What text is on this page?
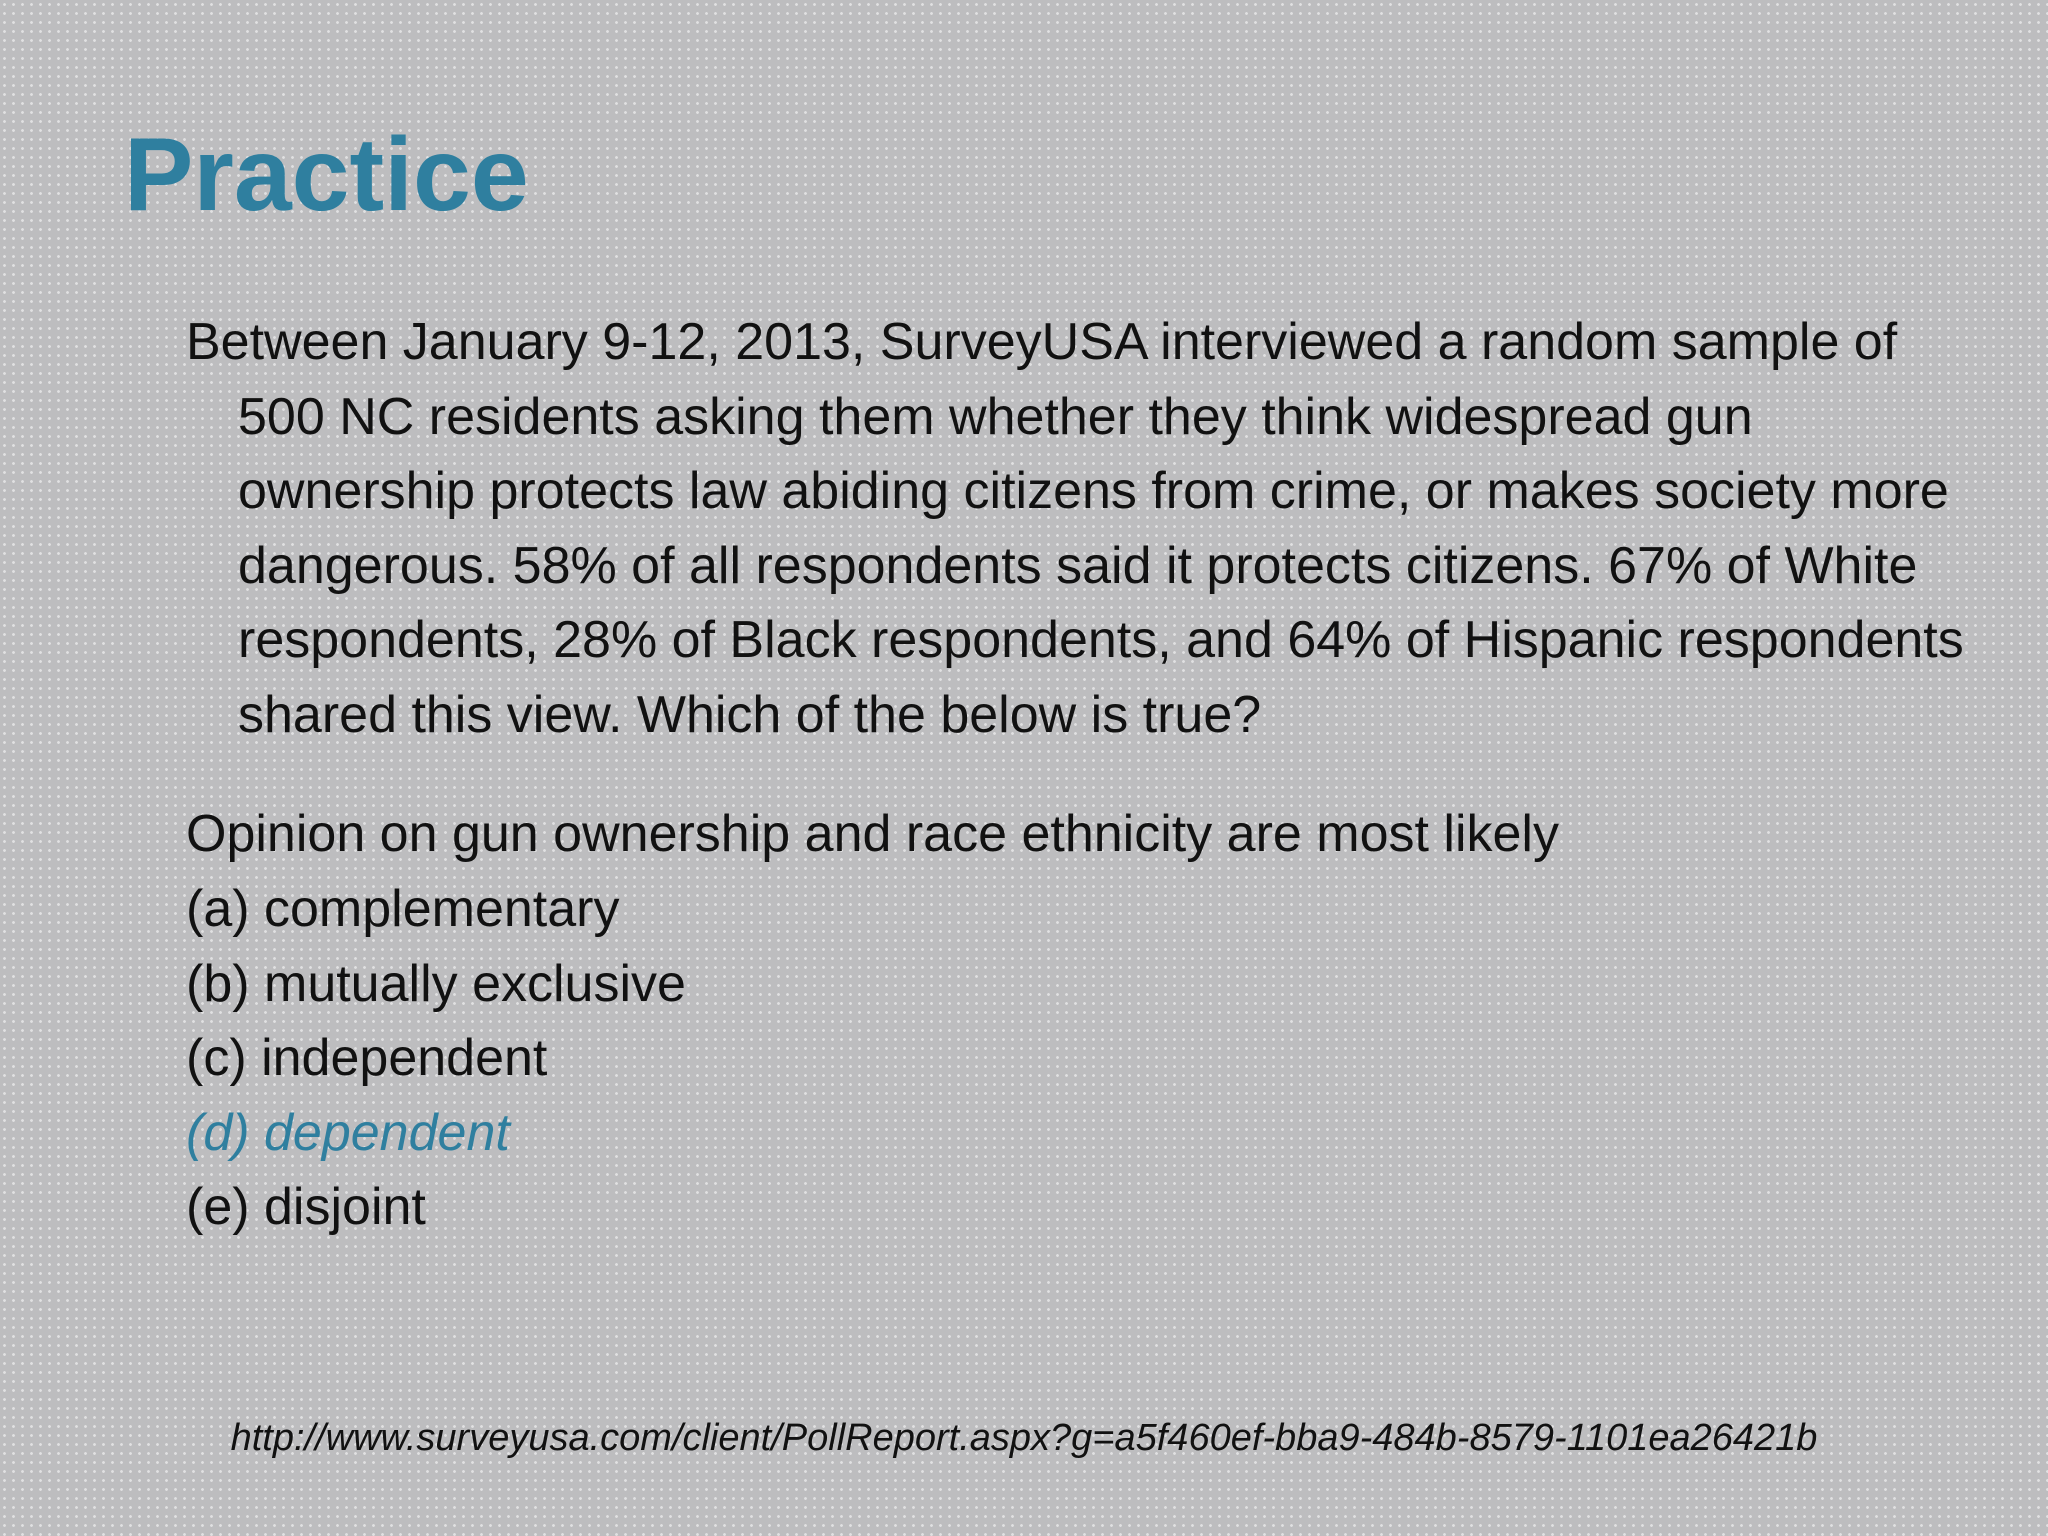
Practice

Between January 9-12, 2013, SurveyUSA interviewed a random sample of 500 NC residents asking them whether they think widespread gun ownership protects law abiding citizens from crime, or makes society more dangerous. 58% of all respondents said it protects citizens. 67% of White respondents, 28% of Black respondents, and 64% of Hispanic respondents shared this view. Which of the below is true?

Opinion on gun ownership and race ethnicity are most likely

(a) complementary
(b) mutually exclusive
(c) independent
(d) dependent
(e) disjoint
http://www.surveyusa.com/client/PollReport.aspx?g=a5f460ef-bba9-484b-8579-1101ea26421b
